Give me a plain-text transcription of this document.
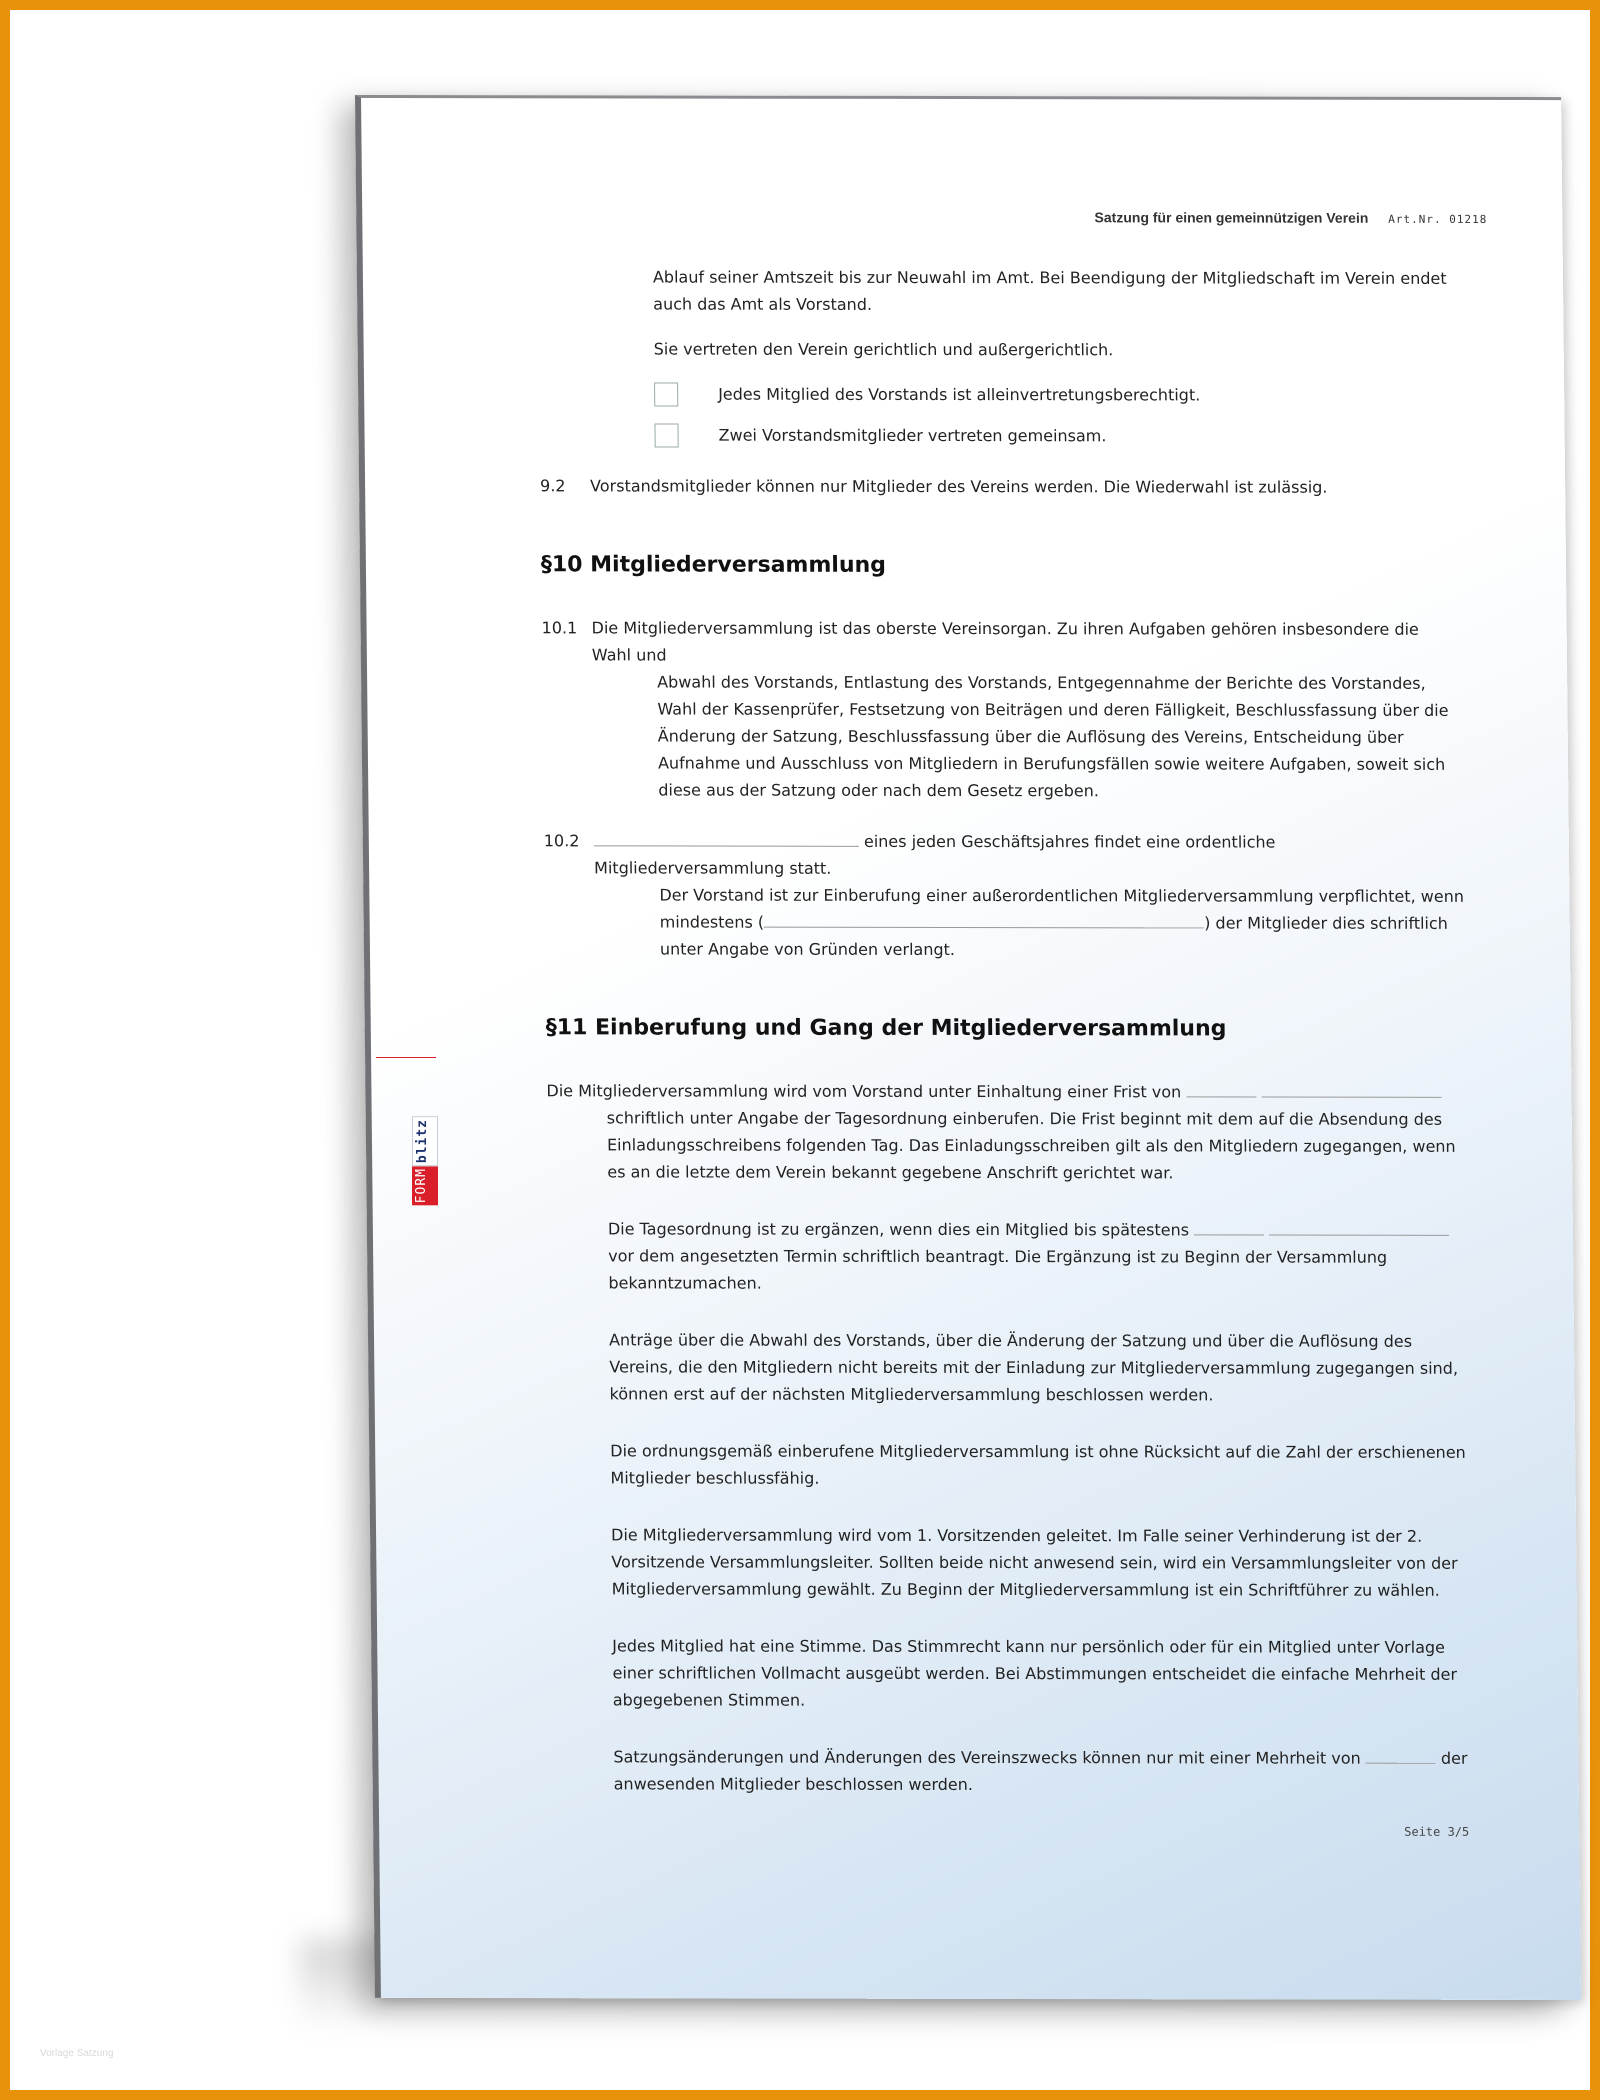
Satzung für einen gemeinnützigen Verein Art.Nr. 01218

Ablauf seiner Amtszeit bis zur Neuwahl im Amt. Bei Beendigung der Mitgliedschaft im Verein endet auch das Amt als Vorstand.

Sie vertreten den Verein gerichtlich und außergerichtlich.

Jedes Mitglied des Vorstands ist alleinvertretungsberechtigt.
Zwei Vorstandsmitglieder vertreten gemeinsam.
9.2	Vorstandsmitglieder können nur Mitglieder des Vereins werden. Die Wiederwahl ist zulässig.
§10 Mitgliederversammlung
10.1 Die Mitgliederversammlung ist das oberste Vereinsorgan. Zu ihren Aufgaben gehören insbesondere die Wahl und
Abwahl des Vorstands, Entlastung des Vorstands, Entgegennahme der Berichte des Vorstandes, Wahl der Kassenprüfer, Festsetzung von Beiträgen und deren Fälligkeit, Beschlussfassung über die Änderung der Satzung, Beschlussfassung über die Auflösung des Vereins, Entscheidung über Aufnahme und Ausschluss von Mitgliedern in Berufungsfällen sowie weitere Aufgaben, soweit sich diese aus der Satzung oder nach dem Gesetz ergeben.
10.2	eines jeden Geschäftsjahres findet eine ordentliche Mitgliederversammlung statt.
Der Vorstand ist zur Einberufung einer außerordentlichen Mitgliederversammlung verpflichtet, wenn mindestens (	) der Mitglieder dies schriftlich unter Angabe von Gründen verlangt.
§11 Einberufung und Gang der Mitgliederversammlung
Die Mitgliederversammlung wird vom Vorstand unter Einhaltung einer Frist von
schriftlich unter Angabe der Tagesordnung einberufen. Die Frist beginnt mit dem auf die Absendung des Einladungsschreibens folgenden Tag. Das Einladungsschreiben gilt als den Mitgliedern zugegangen, wenn es an die letzte dem Verein bekannt gegebene Anschrift gerichtet war.
Die Tagesordnung ist zu ergänzen, wenn dies ein Mitglied bis spätestens   vor dem angesetzten Termin schriftlich beantragt. Die Ergänzung ist zu Beginn der Versammlung bekanntzumachen.

Anträge über die Abwahl des Vorstands, über die Änderung der Satzung und über die Auflösung des Vereins, die den Mitgliedern nicht bereits mit der Einladung zur Mitgliederversammlung zugegangen sind, können erst auf der nächsten Mitgliederversammlung beschlossen werden.

Die ordnungsgemäß einberufene Mitgliederversammlung ist ohne Rücksicht auf die Zahl der erschienenen Mitglieder beschlussfähig.

Die Mitgliederversammlung wird vom 1. Vorsitzenden geleitet. Im Falle seiner Verhinderung ist der 2. Vorsitzende Versammlungsleiter. Sollten beide nicht anwesend sein, wird ein Versammlungsleiter von der Mitgliederversammlung gewählt. Zu Beginn der Mitgliederversammlung ist ein Schriftführer zu wählen.

Jedes Mitglied hat eine Stimme. Das Stimmrecht kann nur persönlich oder für ein Mitglied unter Vorlage einer schriftlichen Vollmacht ausgeübt werden. Bei Abstimmungen entscheidet die einfache Mehrheit der abgegebenen Stimmen.

Satzungsänderungen und Änderungen des Vereinszwecks können nur mit einer Mehrheit von	der anwesenden Mitglieder beschlossen werden.
Seite 3/5
FORM
blitz
Vorlage Satzung
